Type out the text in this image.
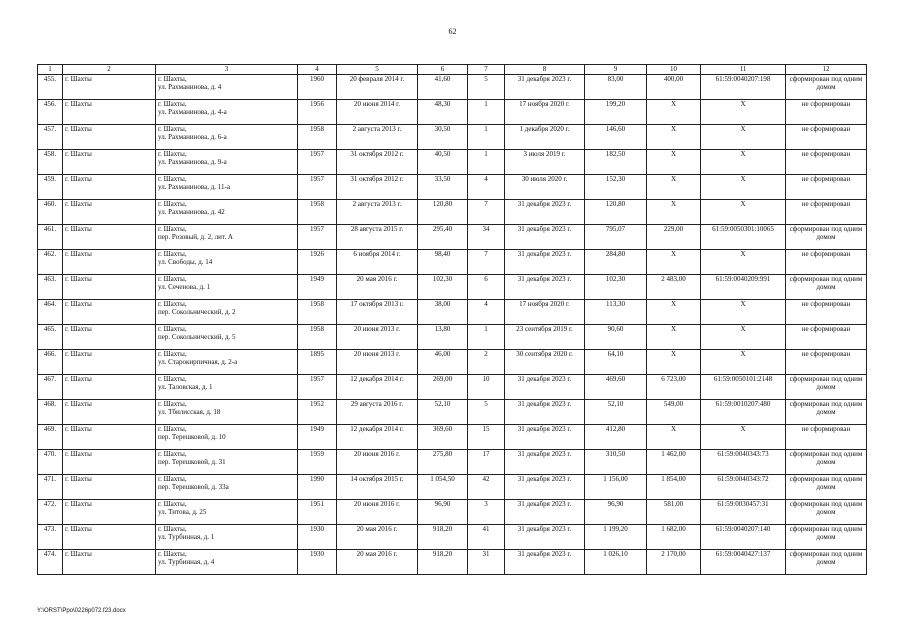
62
1	2	3	4	5	6	7	8	9	10	11	12
455.	г. Шахты	г. Шахты,
ул. Рахманинова, д. 4	1960	20 февраля 2014 г.	41,60	5	31 декабря 2023 г.	83,00	400,00	61:59:0040207:198	сформирован под одним домом
456.	г. Шахты	г. Шахты,
ул. Рахманинова, д. 4-а	1956	20 июня 2014 г.	48,30	1	17 ноября 2020 г.	199,20	Х	Х	не сформирован
457.	г. Шахты	г. Шахты,
ул. Рахманинова, д. 6-а	1958	2 августа 2013 г.	30,50	1	1 декабря 2020 г.	146,60	Х	Х	не сформирован
458.	г. Шахты	г. Шахты,
ул. Рахманинова, д. 9-а	1957	31 октября 2012 г.	40,50	1	3 июля 2019 г.	182,50	Х	Х	не сформирован
459.	г. Шахты	г. Шахты,
ул. Рахманинова, д. 11-а	1957	31 октября 2012 г.	33,50	4	30 июля 2020 г.	152,30	Х	Х	не сформирован
460.	г. Шахты	г. Шахты,
ул. Рахманинова, д. 42	1958	2 августа 2013 г.	120,80	7	31 декабря 2023 г.	120,80	Х	Х	не сформирован
461.	г. Шахты	г. Шахты,
пер. Розовый, д. 2, лит. А	1957	28 августа 2015 г.	295,40	34	31 декабря 2023 г.	795,07	229,00	61:59:0050301:10065	сформирован под одним домом
462.	г. Шахты	г. Шахты,
ул. Свободы, д. 14	1926	6 ноября 2014 г.	98,40	7	31 декабря 2023 г.	284,80	Х	Х	не сформирован
463.	г. Шахты	г. Шахты,
ул. Сеченова, д. 1	1949	20 мая 2016 г.	102,30	6	31 декабря 2023 г.	102,30	2 483,00	61:59:0040209:991	сформирован под одним домом
464.	г. Шахты	г. Шахты,
пер. Сокольнический, д. 2	1958	17 октября 2013 г.	38,00	4	17 ноября 2020 г.	113,30	Х	Х	не сформирован
465.	г. Шахты	г. Шахты,
пер. Сокольнический, д. 5	1958	20 июня 2013 г.	13,80	1	23 сентября 2019 г.	90,60	Х	Х	не сформирован
466.	г. Шахты	г. Шахты,
ул. Старокирпичная, д. 2-а	1895	20 июня 2013 г.	46,00	2	30 сентября 2020 г.	64,10	Х	Х	не сформирован
467.	г. Шахты	г. Шахты,
ул. Таловская, д. 1	1957	12 декабря 2014 г.	269,00	10	31 декабря 2023 г.	469,60	6 723,00	61:59:0050101:2148	сформирован под одним домом
468.	г. Шахты	г. Шахты,
ул. Тбилисская, д. 18	1952	29 августа 2016 г.	52,10	5	31 декабря 2023 г.	52,10	549,00	61:59:0010207:480	сформирован под одним домом
469.	г. Шахты	г. Шахты,
пер. Терешковой, д. 10	1949	12 декабря 2014 г.	369,60	15	31 декабря 2023 г.	412,80	Х	Х	не сформирован
470.	г. Шахты	г. Шахты,
пер. Терешковой, д. 31	1959	20 июня 2016 г.	275,80	17	31 декабря 2023 г.	310,50	1 462,00	61:59:0040343:73	сформирован под одним домом
471.	г. Шахты	г. Шахты,
пер. Терешковой, д. 33а	1990	14 октября 2015 г.	1 054,50	42	31 декабря 2023 г.	1 156,00	1 854,00	61:59:0040343:72	сформирован под одним домом
472.	г. Шахты	г. Шахты,
ул. Титова, д. 25	1951	20 июня 2016 г.	96,90	3	31 декабря 2023 г.	96,90	581,00	61:59:0030457:31	сформирован под одним домом
473.	г. Шахты	г. Шахты,
ул. Турбинная, д. 1	1930	20 мая 2016 г.	918,20	41	31 декабря 2023 г.	1 199,20	1 682,00	61:59:0040207:140	сформирован под одним домом
474.	г. Шахты	г. Шахты,
ул. Турбинная, д. 4	1930	20 мая 2016 г.	918,20	31	31 декабря 2023 г.	1 026,10	2 170,00	61:59:0040427:137	сформирован под одним домом
Y:\ORST\Ppo\0226p072.f23.docx
